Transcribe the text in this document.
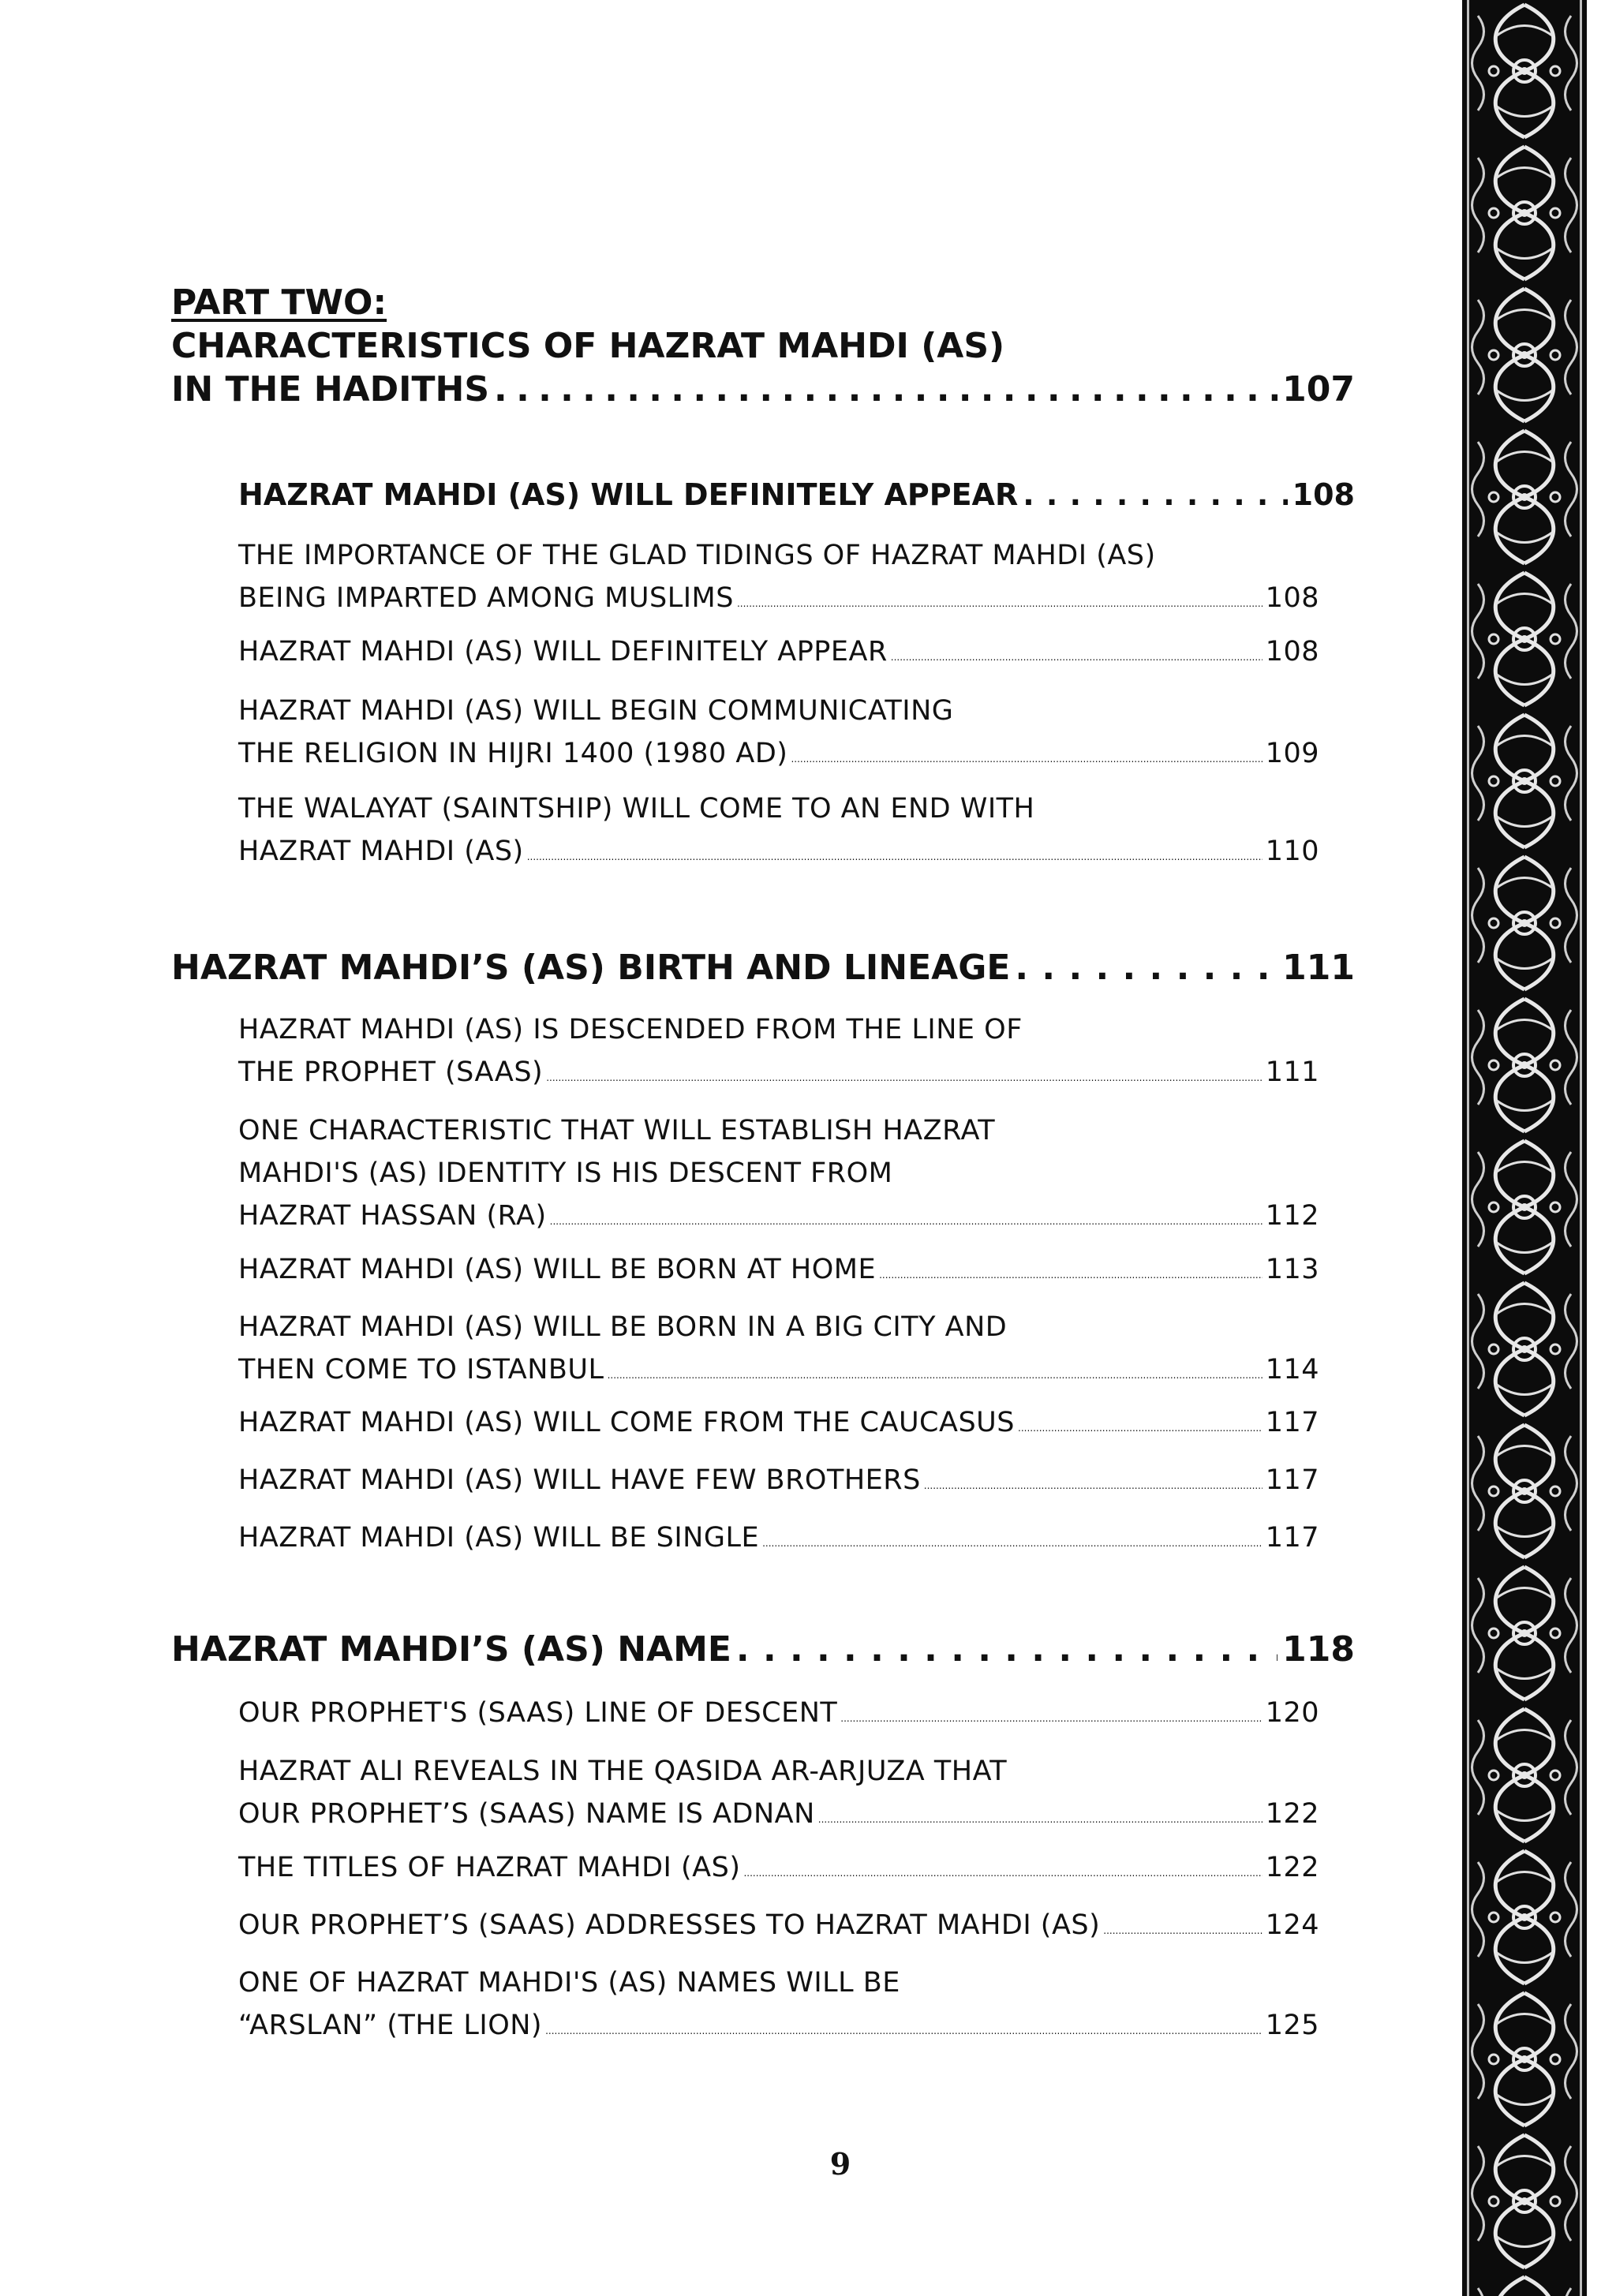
PART TWO:
CHARACTERISTICS OF HAZRAT MAHDI (AS)
IN THE HADITHS . . .	107
HAZRAT MAHDI (AS) WILL DEFINITELY APPEAR . . .	108
THE IMPORTANCE OF THE GLAD TIDINGS OF HAZRAT MAHDI (AS)
BEING IMPARTED AMONG MUSLIMS .....	108
HAZRAT MAHDI (AS) WILL DEFINITELY APPEAR .....	108
HAZRAT MAHDI (AS) WILL BEGIN COMMUNICATING
THE RELIGION IN HIJRI 1400 (1980 AD) .....	109
THE WALAYAT (SAINTSHIP) WILL COME TO AN END WITH
HAZRAT MAHDI (AS) .....	110
HAZRAT MAHDI’S (AS) BIRTH AND LINEAGE . . .	111
HAZRAT MAHDI (AS) IS DESCENDED FROM THE LINE OF
THE PROPHET (SAAS) .....	111
ONE CHARACTERISTIC THAT WILL ESTABLISH HAZRAT
MAHDI'S (AS) IDENTITY IS HIS DESCENT FROM
HAZRAT HASSAN (RA) .....	112
HAZRAT MAHDI (AS) WILL BE BORN AT HOME .....	113
HAZRAT MAHDI (AS) WILL BE BORN IN A BIG CITY AND
THEN COME TO ISTANBUL .....	114
HAZRAT MAHDI (AS) WILL COME FROM THE CAUCASUS .....	117
HAZRAT MAHDI (AS) WILL HAVE FEW BROTHERS .....	117
HAZRAT MAHDI (AS) WILL BE SINGLE .....	117
HAZRAT MAHDI’S (AS) NAME . . .	118
OUR PROPHET'S (SAAS) LINE OF DESCENT .....	120
HAZRAT ALI REVEALS IN THE QASIDA AR-ARJUZA THAT
OUR PROPHET’S (SAAS) NAME IS ADNAN .....	122
THE TITLES OF HAZRAT MAHDI (AS) .....	122
OUR PROPHET’S (SAAS) ADDRESSES TO HAZRAT MAHDI (AS) .....	124
ONE OF HAZRAT MAHDI'S (AS) NAMES WILL BE
“ARSLAN” (THE LION) .....	125
9
